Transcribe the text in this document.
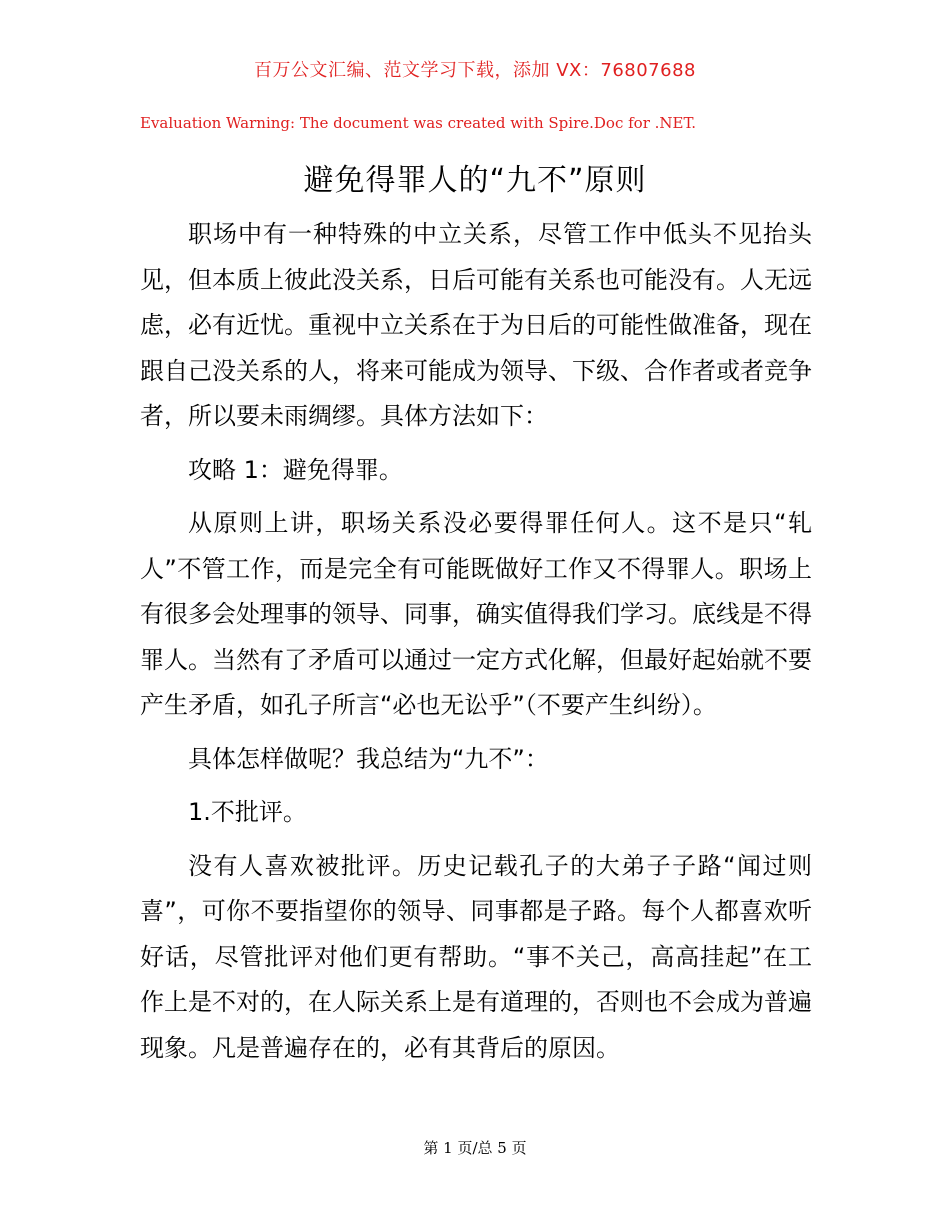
百万公文汇编、范文学习下载，添加 VX：76807688
Evaluation Warning: The document was created with Spire.Doc for .NET.
避免得罪人的“九不”原则

职场中有一种特殊的中立关系，尽管工作中低头不见抬头见，但本质上彼此没关系，日后可能有关系也可能没有。人无远虑，必有近忧。重视中立关系在于为日后的可能性做准备，现在跟自己没关系的人，将来可能成为领导、下级、合作者或者竞争者，所以要未雨绸缪。具体方法如下：

攻略 1：避免得罪。

从原则上讲，职场关系没必要得罪任何人。这不是只“轧人”不管工作，而是完全有可能既做好工作又不得罪人。职场上有很多会处理事的领导、同事，确实值得我们学习。底线是不得罪人。当然有了矛盾可以通过一定方式化解，但最好起始就不要产生矛盾，如孔子所言“必也无讼乎”（不要产生纠纷）。

具体怎样做呢？我总结为“九不”：

1.不批评。

没有人喜欢被批评。历史记载孔子的大弟子子路“闻过则喜”，可你不要指望你的领导、同事都是子路。每个人都喜欢听好话，尽管批评对他们更有帮助。“事不关己，高高挂起”在工作上是不对的，在人际关系上是有道理的，否则也不会成为普遍现象。凡是普遍存在的，必有其背后的原因。

第 1 页/总 5 页
